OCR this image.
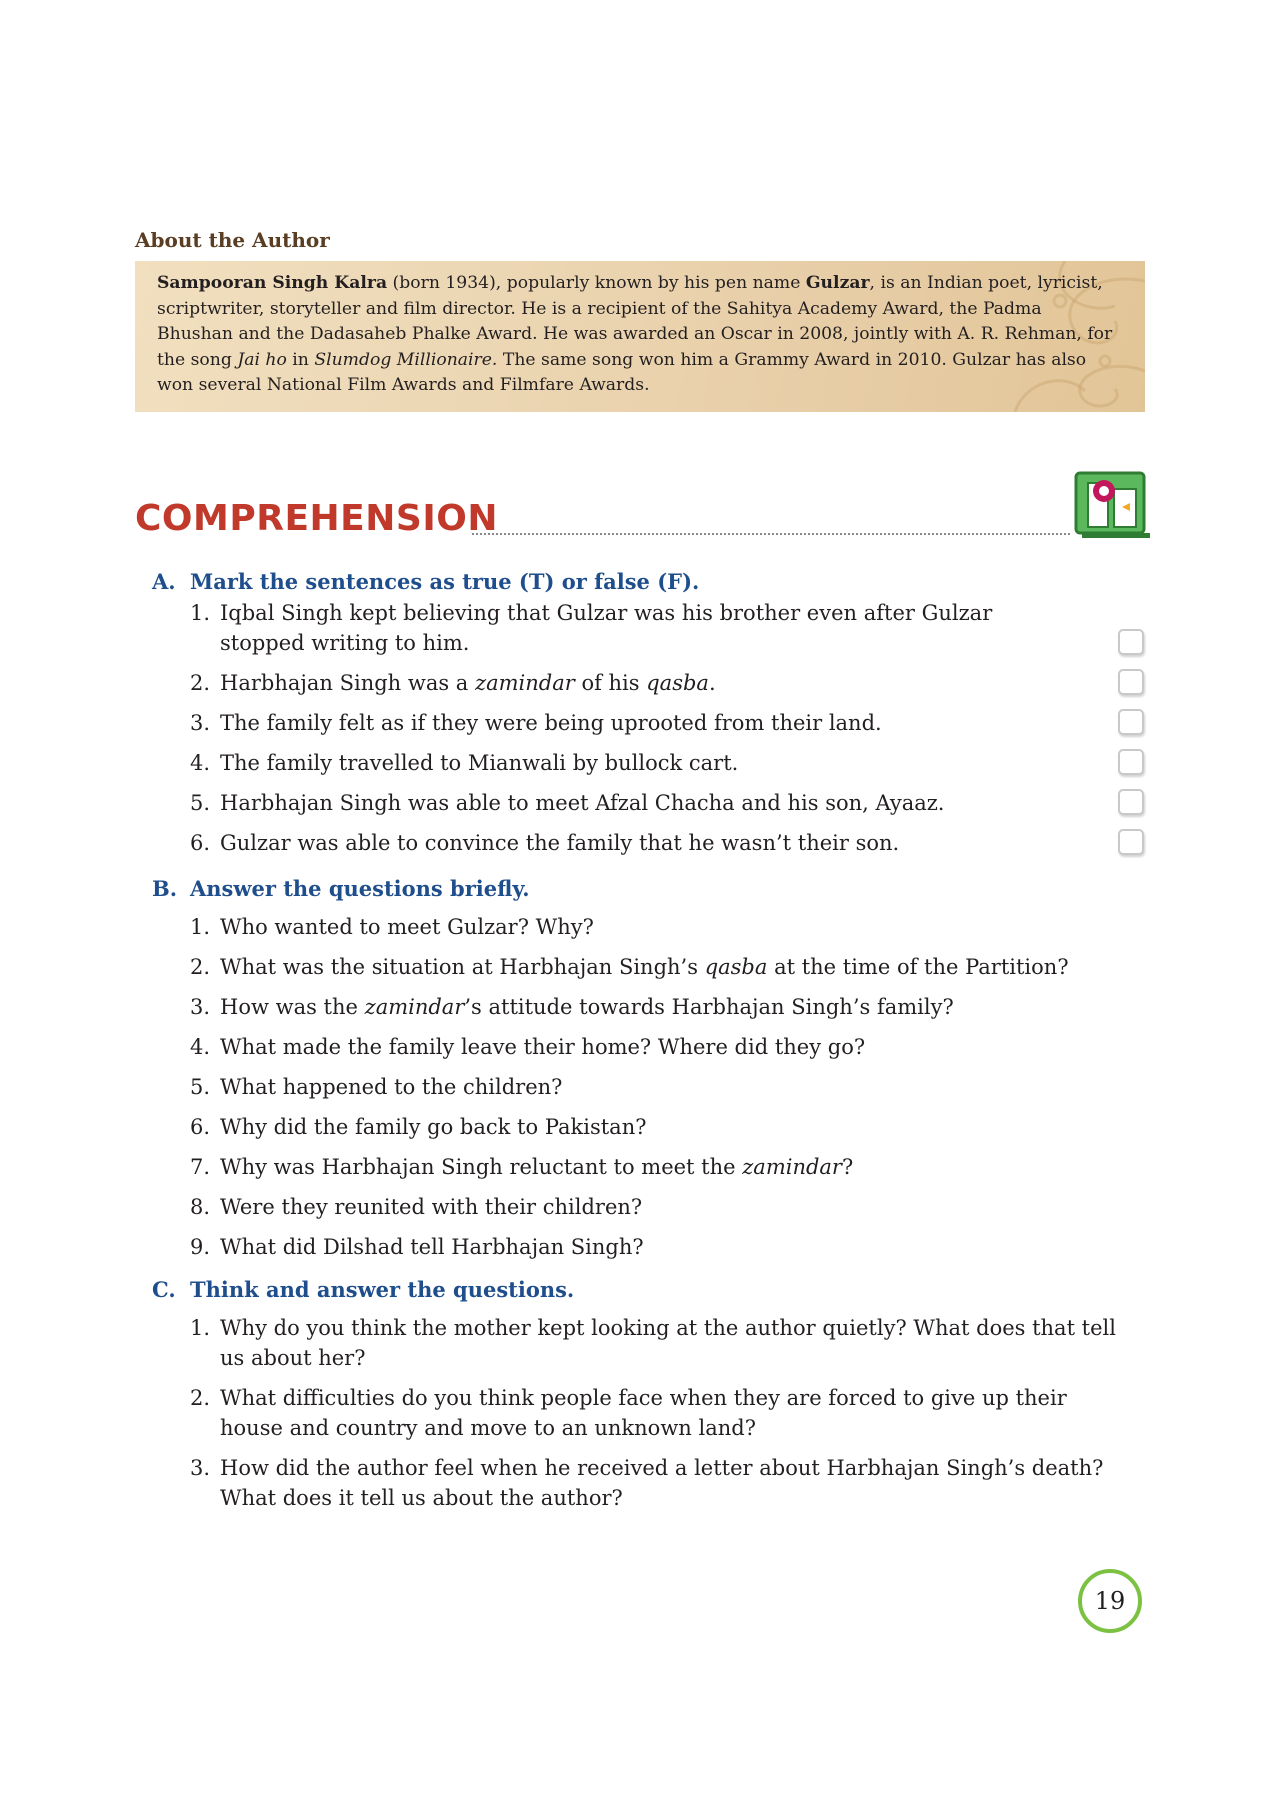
About the Author
Sampooran Singh Kalra (born 1934), popularly known by his pen name Gulzar, is an Indian poet, lyricist, scriptwriter, storyteller and film director. He is a recipient of the Sahitya Academy Award, the Padma Bhushan and the Dadasaheb Phalke Award. He was awarded an Oscar in 2008, jointly with A. R. Rehman, for the song Jai ho in Slumdog Millionaire. The same song won him a Grammy Award in 2010. Gulzar has also won several National Film Awards and Filmfare Awards.
COMPREHENSION
A. Mark the sentences as true (T) or false (F).
1. Iqbal Singh kept believing that Gulzar was his brother even after Gulzar stopped writing to him.
2. Harbhajan Singh was a zamindar of his qasba.
3. The family felt as if they were being uprooted from their land.
4. The family travelled to Mianwali by bullock cart.
5. Harbhajan Singh was able to meet Afzal Chacha and his son, Ayaaz.
6. Gulzar was able to convince the family that he wasn’t their son.
B. Answer the questions briefly.
1. Who wanted to meet Gulzar? Why?
2. What was the situation at Harbhajan Singh’s qasba at the time of the Partition?
3. How was the zamindar’s attitude towards Harbhajan Singh’s family?
4. What made the family leave their home? Where did they go?
5. What happened to the children?
6. Why did the family go back to Pakistan?
7. Why was Harbhajan Singh reluctant to meet the zamindar?
8. Were they reunited with their children?
9. What did Dilshad tell Harbhajan Singh?
C. Think and answer the questions.
1. Why do you think the mother kept looking at the author quietly? What does that tell us about her?
2. What difficulties do you think people face when they are forced to give up their house and country and move to an unknown land?
3. How did the author feel when he received a letter about Harbhajan Singh’s death? What does it tell us about the author?
19
